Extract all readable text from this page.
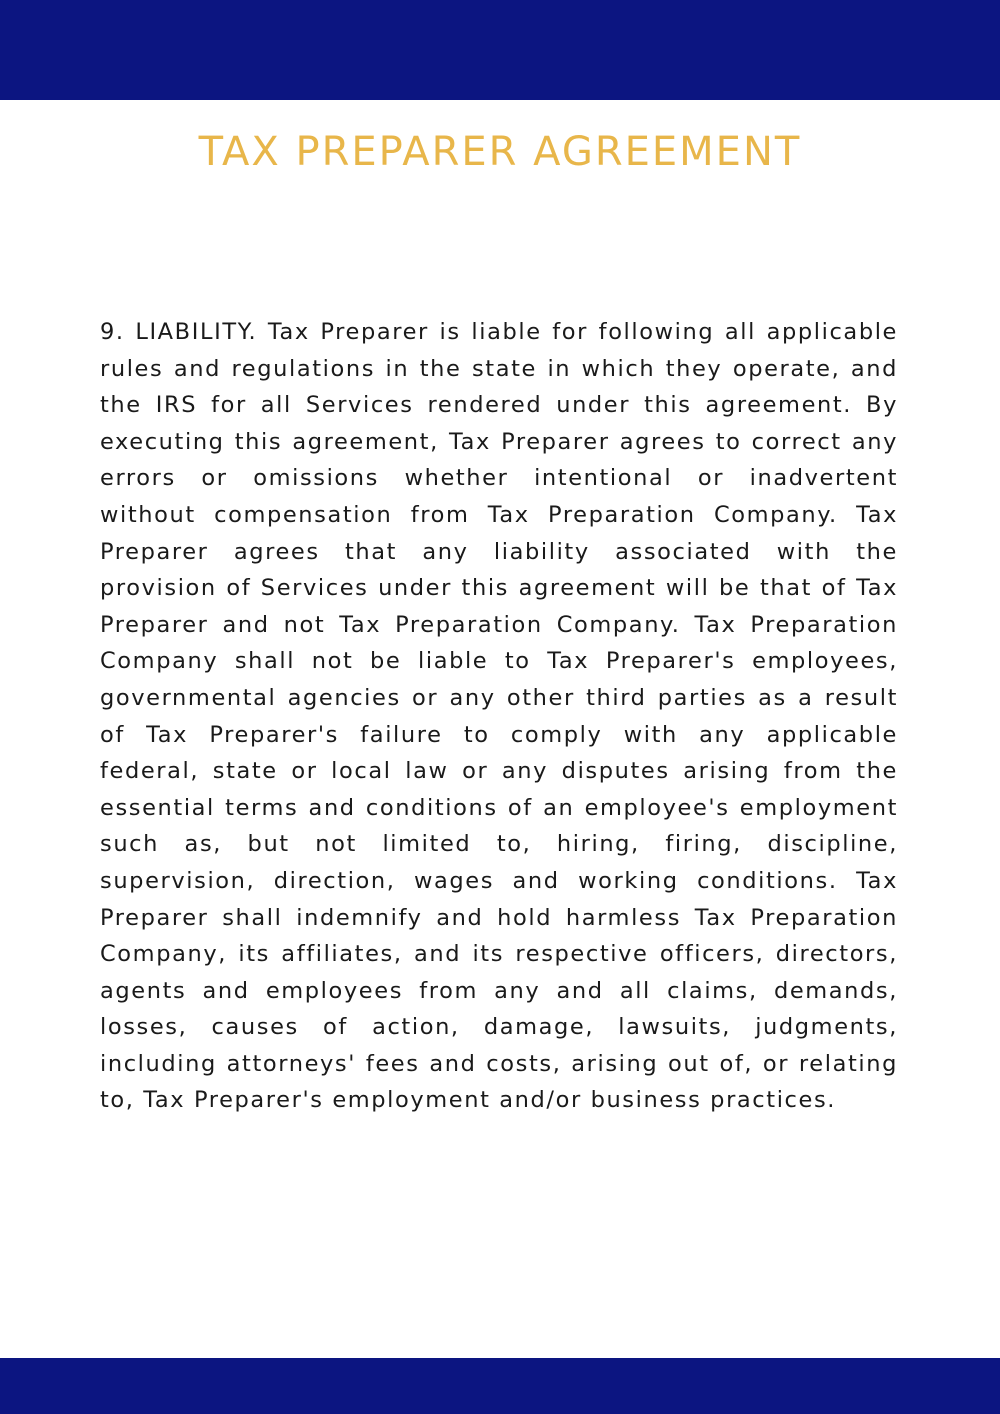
TAX PREPARER AGREEMENT

9. LIABILITY. Tax Preparer is liable for following all applicable rules and regulations in the state in which they operate, and the IRS for all Services rendered under this agreement. By executing this agreement, Tax Preparer agrees to correct any errors or omissions whether intentional or inadvertent without compensation from Tax Preparation Company. Tax Preparer agrees that any liability associated with the provision of Services under this agreement will be that of Tax Preparer and not Tax Preparation Company. Tax Preparation Company shall not be liable to Tax Preparer's employees, governmental agencies or any other third parties as a result of Tax Preparer's failure to comply with any applicable federal, state or local law or any disputes arising from the essential terms and conditions of an employee's employment such as, but not limited to, hiring, firing, discipline, supervision, direction, wages and working conditions. Tax Preparer shall indemnify and hold harmless Tax Preparation Company, its affiliates, and its respective officers, directors, agents and employees from any and all claims, demands, losses, causes of action, damage, lawsuits, judgments, including attorneys' fees and costs, arising out of, or relating to, Tax Preparer's employment and/or business practices.
